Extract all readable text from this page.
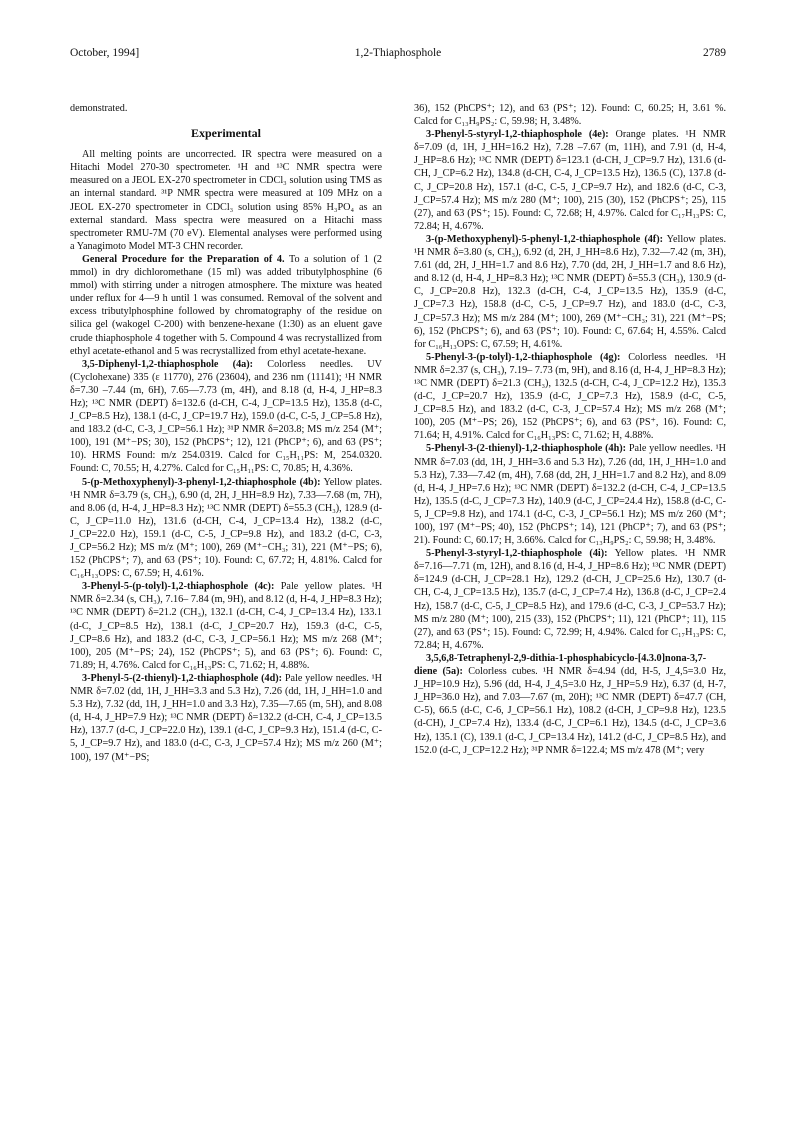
October, 1994]	1,2-Thiaphosphole	2789

demonstrated.

Experimental

All melting points are uncorrected. IR spectra were measured on a Hitachi Model 270-30 spectrometer. ¹H and ¹³C NMR spectra were measured on a JEOL EX-270 spectrometer in CDCl₃ solution using TMS as an internal standard. ³¹P NMR spectra were measured at 109 MHz on a JEOL EX-270 spectrometer in CDCl₃ solution using 85% H₃PO₄ as an external standard. Mass spectra were measured on a Hitachi mass spectrometer RMU-7M (70 eV). Elemental analyses were performed using a Yanagimoto Model MT-3 CHN recorder.

General Procedure for the Preparation of 4. To a solution of 1 (2 mmol) in dry dichloromethane (15 ml) was added tributylphosphine (6 mmol) with stirring under a nitrogen atmosphere. The mixture was heated under reflux for 4—9 h until 1 was consumed. Removal of the solvent and excess tributylphosphine followed by chromatography of the residue on silica gel (wakogel C-200) with benzene-hexane (1:30) as an eluent gave crude thiaphosphole 4 together with 5. Compound 4 was recrystallized from ethyl acetate-ethanol and 5 was recrystallized from ethyl acetate-hexane.

3,5-Diphenyl-1,2-thiaphosphole (4a): Colorless needles. UV (Cyclohexane) 335 (ε 11770), 276 (23604), and 236 nm (11141); ¹H NMR δ=7.30 –7.44 (m, 6H), 7.65—7.73 (m, 4H), and 8.18 (d, H-4, J_HP=8.3 Hz); ¹³C NMR (DEPT) δ=132.6 (d-CH, C-4, J_CP=13.5 Hz), 135.8 (d-C, J_CP=8.5 Hz), 138.1 (d-C, J_CP=19.7 Hz), 159.0 (d-C, C-5, J_CP=5.8 Hz), and 183.2 (d-C, C-3, J_CP=56.1 Hz); ³¹P NMR δ=203.8; MS m/z 254 (M⁺; 100), 191 (M⁺−PS; 30), 152 (PhCPS⁺; 12), 121 (PhCP⁺; 6), and 63 (PS⁺; 10). HRMS Found: m/z 254.0319. Calcd for C₁₅H₁₁PS: M, 254.0320. Found: C, 70.55; H, 4.27%. Calcd for C₁₅H₁₁PS: C, 70.85; H, 4.36%.

5-(p-Methoxyphenyl)-3-phenyl-1,2-thiaphosphole (4b): Yellow plates. ¹H NMR δ=3.79 (s, CH₃), 6.90 (d, 2H, J_HH=8.9 Hz), 7.33—7.68 (m, 7H), and 8.06 (d, H-4, J_HP=8.3 Hz); ¹³C NMR (DEPT) δ=55.3 (CH₃), 128.9 (d-C, J_CP=11.0 Hz), 131.6 (d-CH, C-4, J_CP=13.4 Hz), 138.2 (d-C, J_CP=22.0 Hz), 159.1 (d-C, C-5, J_CP=9.8 Hz), and 183.2 (d-C, C-3, J_CP=56.2 Hz); MS m/z (M⁺; 100), 269 (M⁺−CH₃; 31), 221 (M⁺−PS; 6), 152 (PhCPS⁺; 7), and 63 (PS⁺; 10). Found: C, 67.72; H, 4.81%. Calcd for C₁₆H₁₃OPS: C, 67.59; H, 4.61%.

3-Phenyl-5-(p-tolyl)-1,2-thiaphosphole (4c): Pale yellow plates. ¹H NMR δ=2.34 (s, CH₃), 7.16– 7.84 (m, 9H), and 8.12 (d, H-4, J_HP=8.3 Hz); ¹³C NMR (DEPT) δ=21.2 (CH₃), 132.1 (d-CH, C-4, J_CP=13.4 Hz), 133.1 (d-C, J_CP=8.5 Hz), 138.1 (d-C, J_CP=20.7 Hz), 159.3 (d-C, C-5, J_CP=8.6 Hz), and 183.2 (d-C, C-3, J_CP=56.1 Hz); MS m/z 268 (M⁺; 100), 205 (M⁺−PS; 24), 152 (PhCPS⁺; 5), and 63 (PS⁺; 6). Found: C, 71.89; H, 4.76%. Calcd for C₁₆H₁₃PS: C, 71.62; H, 4.88%.

3-Phenyl-5-(2-thienyl)-1,2-thiaphosphole (4d): Pale yellow needles. ¹H NMR δ=7.02 (dd, 1H, J_HH=3.3 and 5.3 Hz), 7.26 (dd, 1H, J_HH=1.0 and 5.3 Hz), 7.32 (dd, 1H, J_HH=1.0 and 3.3 Hz), 7.35—7.65 (m, 5H), and 8.08 (d, H-4, J_HP=7.9 Hz); ¹³C NMR (DEPT) δ=132.2 (d-CH, C-4, J_CP=13.5 Hz), 137.7 (d-C, J_CP=22.0 Hz), 139.1 (d-C, J_CP=9.3 Hz), 151.4 (d-C, C-5, J_CP=9.7 Hz), and 183.0 (d-C, C-3, J_CP=57.4 Hz); MS m/z 260 (M⁺; 100), 197 (M⁺−PS;

36), 152 (PhCPS⁺; 12), and 63 (PS⁺; 12). Found: C, 60.25; H, 3.61 %. Calcd for C₁₃H₉PS₂: C, 59.98; H, 3.48%.

3-Phenyl-5-styryl-1,2-thiaphosphole (4e): Orange plates. ¹H NMR δ=7.09 (d, 1H, J_HH=16.2 Hz), 7.28 –7.67 (m, 11H), and 7.91 (d, H-4, J_HP=8.6 Hz); ¹³C NMR (DEPT) δ=123.1 (d-CH, J_CP=9.7 Hz), 131.6 (d-CH, J_CP=6.2 Hz), 134.8 (d-CH, C-4, J_CP=13.5 Hz), 136.5 (C), 137.8 (d-C, J_CP=20.8 Hz), 157.1 (d-C, C-5, J_CP=9.7 Hz), and 182.6 (d-C, C-3, J_CP=57.4 Hz); MS m/z 280 (M⁺; 100), 215 (30), 152 (PhCPS⁺; 25), 115 (27), and 63 (PS⁺; 15). Found: C, 72.68; H, 4.97%. Calcd for C₁₇H₁₃PS: C, 72.84; H, 4.67%.

3-(p-Methoxyphenyl)-5-phenyl-1,2-thiaphosphole (4f): Yellow plates. ¹H NMR δ=3.80 (s, CH₃), 6.92 (d, 2H, J_HH=8.6 Hz), 7.32—7.42 (m, 3H), 7.61 (dd, 2H, J_HH=1.7 and 8.6 Hz), 7.70 (dd, 2H, J_HH=1.7 and 8.6 Hz), and 8.12 (d, H-4, J_HP=8.3 Hz); ¹³C NMR (DEPT) δ=55.3 (CH₃), 130.9 (d-C, J_CP=20.8 Hz), 132.3 (d-CH, C-4, J_CP=13.5 Hz), 135.9 (d-C, J_CP=7.3 Hz), 158.8 (d-C, C-5, J_CP=9.7 Hz), and 183.0 (d-C, C-3, J_CP=57.3 Hz); MS m/z 284 (M⁺; 100), 269 (M⁺−CH₃; 31), 221 (M⁺−PS; 6), 152 (PhCPS⁺; 6), and 63 (PS⁺; 10). Found: C, 67.64; H, 4.55%. Calcd for C₁₆H₁₃OPS: C, 67.59; H, 4.61%.

5-Phenyl-3-(p-tolyl)-1,2-thiaphosphole (4g): Colorless needles. ¹H NMR δ=2.37 (s, CH₃), 7.19– 7.73 (m, 9H), and 8.16 (d, H-4, J_HP=8.3 Hz); ¹³C NMR (DEPT) δ=21.3 (CH₃), 132.5 (d-CH, C-4, J_CP=12.2 Hz), 135.3 (d-C, J_CP=20.7 Hz), 135.9 (d-C, J_CP=7.3 Hz), 158.9 (d-C, C-5, J_CP=8.5 Hz), and 183.2 (d-C, C-3, J_CP=57.4 Hz); MS m/z 268 (M⁺; 100), 205 (M⁺−PS; 26), 152 (PhCPS⁺; 6), and 63 (PS⁺, 16). Found: C, 71.64; H, 4.91%. Calcd for C₁₆H₁₃PS: C, 71.62; H, 4.88%.

5-Phenyl-3-(2-thienyl)-1,2-thiaphosphole (4h): Pale yellow needles. ¹H NMR δ=7.03 (dd, 1H, J_HH=3.6 and 5.3 Hz), 7.26 (dd, 1H, J_HH=1.0 and 5.3 Hz), 7.33—7.42 (m, 4H), 7.68 (dd, 2H, J_HH=1.7 and 8.2 Hz), and 8.09 (d, H-4, J_HP=7.6 Hz); ¹³C NMR (DEPT) δ=132.2 (d-CH, C-4, J_CP=13.5 Hz), 135.5 (d-C, J_CP=7.3 Hz), 140.9 (d-C, J_CP=24.4 Hz), 158.8 (d-C, C-5, J_CP=9.8 Hz), and 174.1 (d-C, C-3, J_CP=56.1 Hz); MS m/z 260 (M⁺; 100), 197 (M⁺−PS; 40), 152 (PhCPS⁺; 14), 121 (PhCP⁺; 7), and 63 (PS⁺; 21). Found: C, 60.17; H, 3.66%. Calcd for C₁₃H₉PS₂: C, 59.98; H, 3.48%.

5-Phenyl-3-styryl-1,2-thiaphosphole (4i): Yellow plates. ¹H NMR δ=7.16—7.71 (m, 12H), and 8.16 (d, H-4, J_HP=8.6 Hz); ¹³C NMR (DEPT) δ=124.9 (d-CH, J_CP=28.1 Hz), 129.2 (d-CH, J_CP=25.6 Hz), 130.7 (d-CH, C-4, J_CP=13.5 Hz), 135.7 (d-C, J_CP=7.4 Hz), 136.8 (d-C, J_CP=2.4 Hz), 158.7 (d-C, C-5, J_CP=8.5 Hz), and 179.6 (d-C, C-3, J_CP=53.7 Hz); MS m/z 280 (M⁺; 100), 215 (33), 152 (PhCPS⁺; 11), 121 (PhCP⁺; 11), 115 (27), and 63 (PS⁺; 15). Found: C, 72.99; H, 4.94%. Calcd for C₁₇H₁₃PS: C, 72.84; H, 4.67%.

3,5,6,8-Tetraphenyl-2,9-dithia-1-phosphabicyclo-[4.3.0]nona-3,7-diene (5a): Colorless cubes. ¹H NMR δ=4.94 (dd, H-5, J_4,5=3.0 Hz, J_HP=10.9 Hz), 5.96 (dd, H-4, J_4,5=3.0 Hz, J_HP=5.9 Hz), 6.37 (d, H-7, J_HP=36.0 Hz), and 7.03—7.67 (m, 20H); ¹³C NMR (DEPT) δ=47.7 (CH, C-5), 66.5 (d-C, C-6, J_CP=56.1 Hz), 108.2 (d-CH, J_CP=9.8 Hz), 123.5 (d-CH), J_CP=7.4 Hz), 133.4 (d-C, J_CP=6.1 Hz), 134.5 (d-C, J_CP=3.6 Hz), 135.1 (C), 139.1 (d-C, J_CP=13.4 Hz), 141.2 (d-C, J_CP=8.5 Hz), and 152.0 (d-C, J_CP=12.2 Hz); ³¹P NMR δ=122.4; MS m/z 478 (M⁺; very
